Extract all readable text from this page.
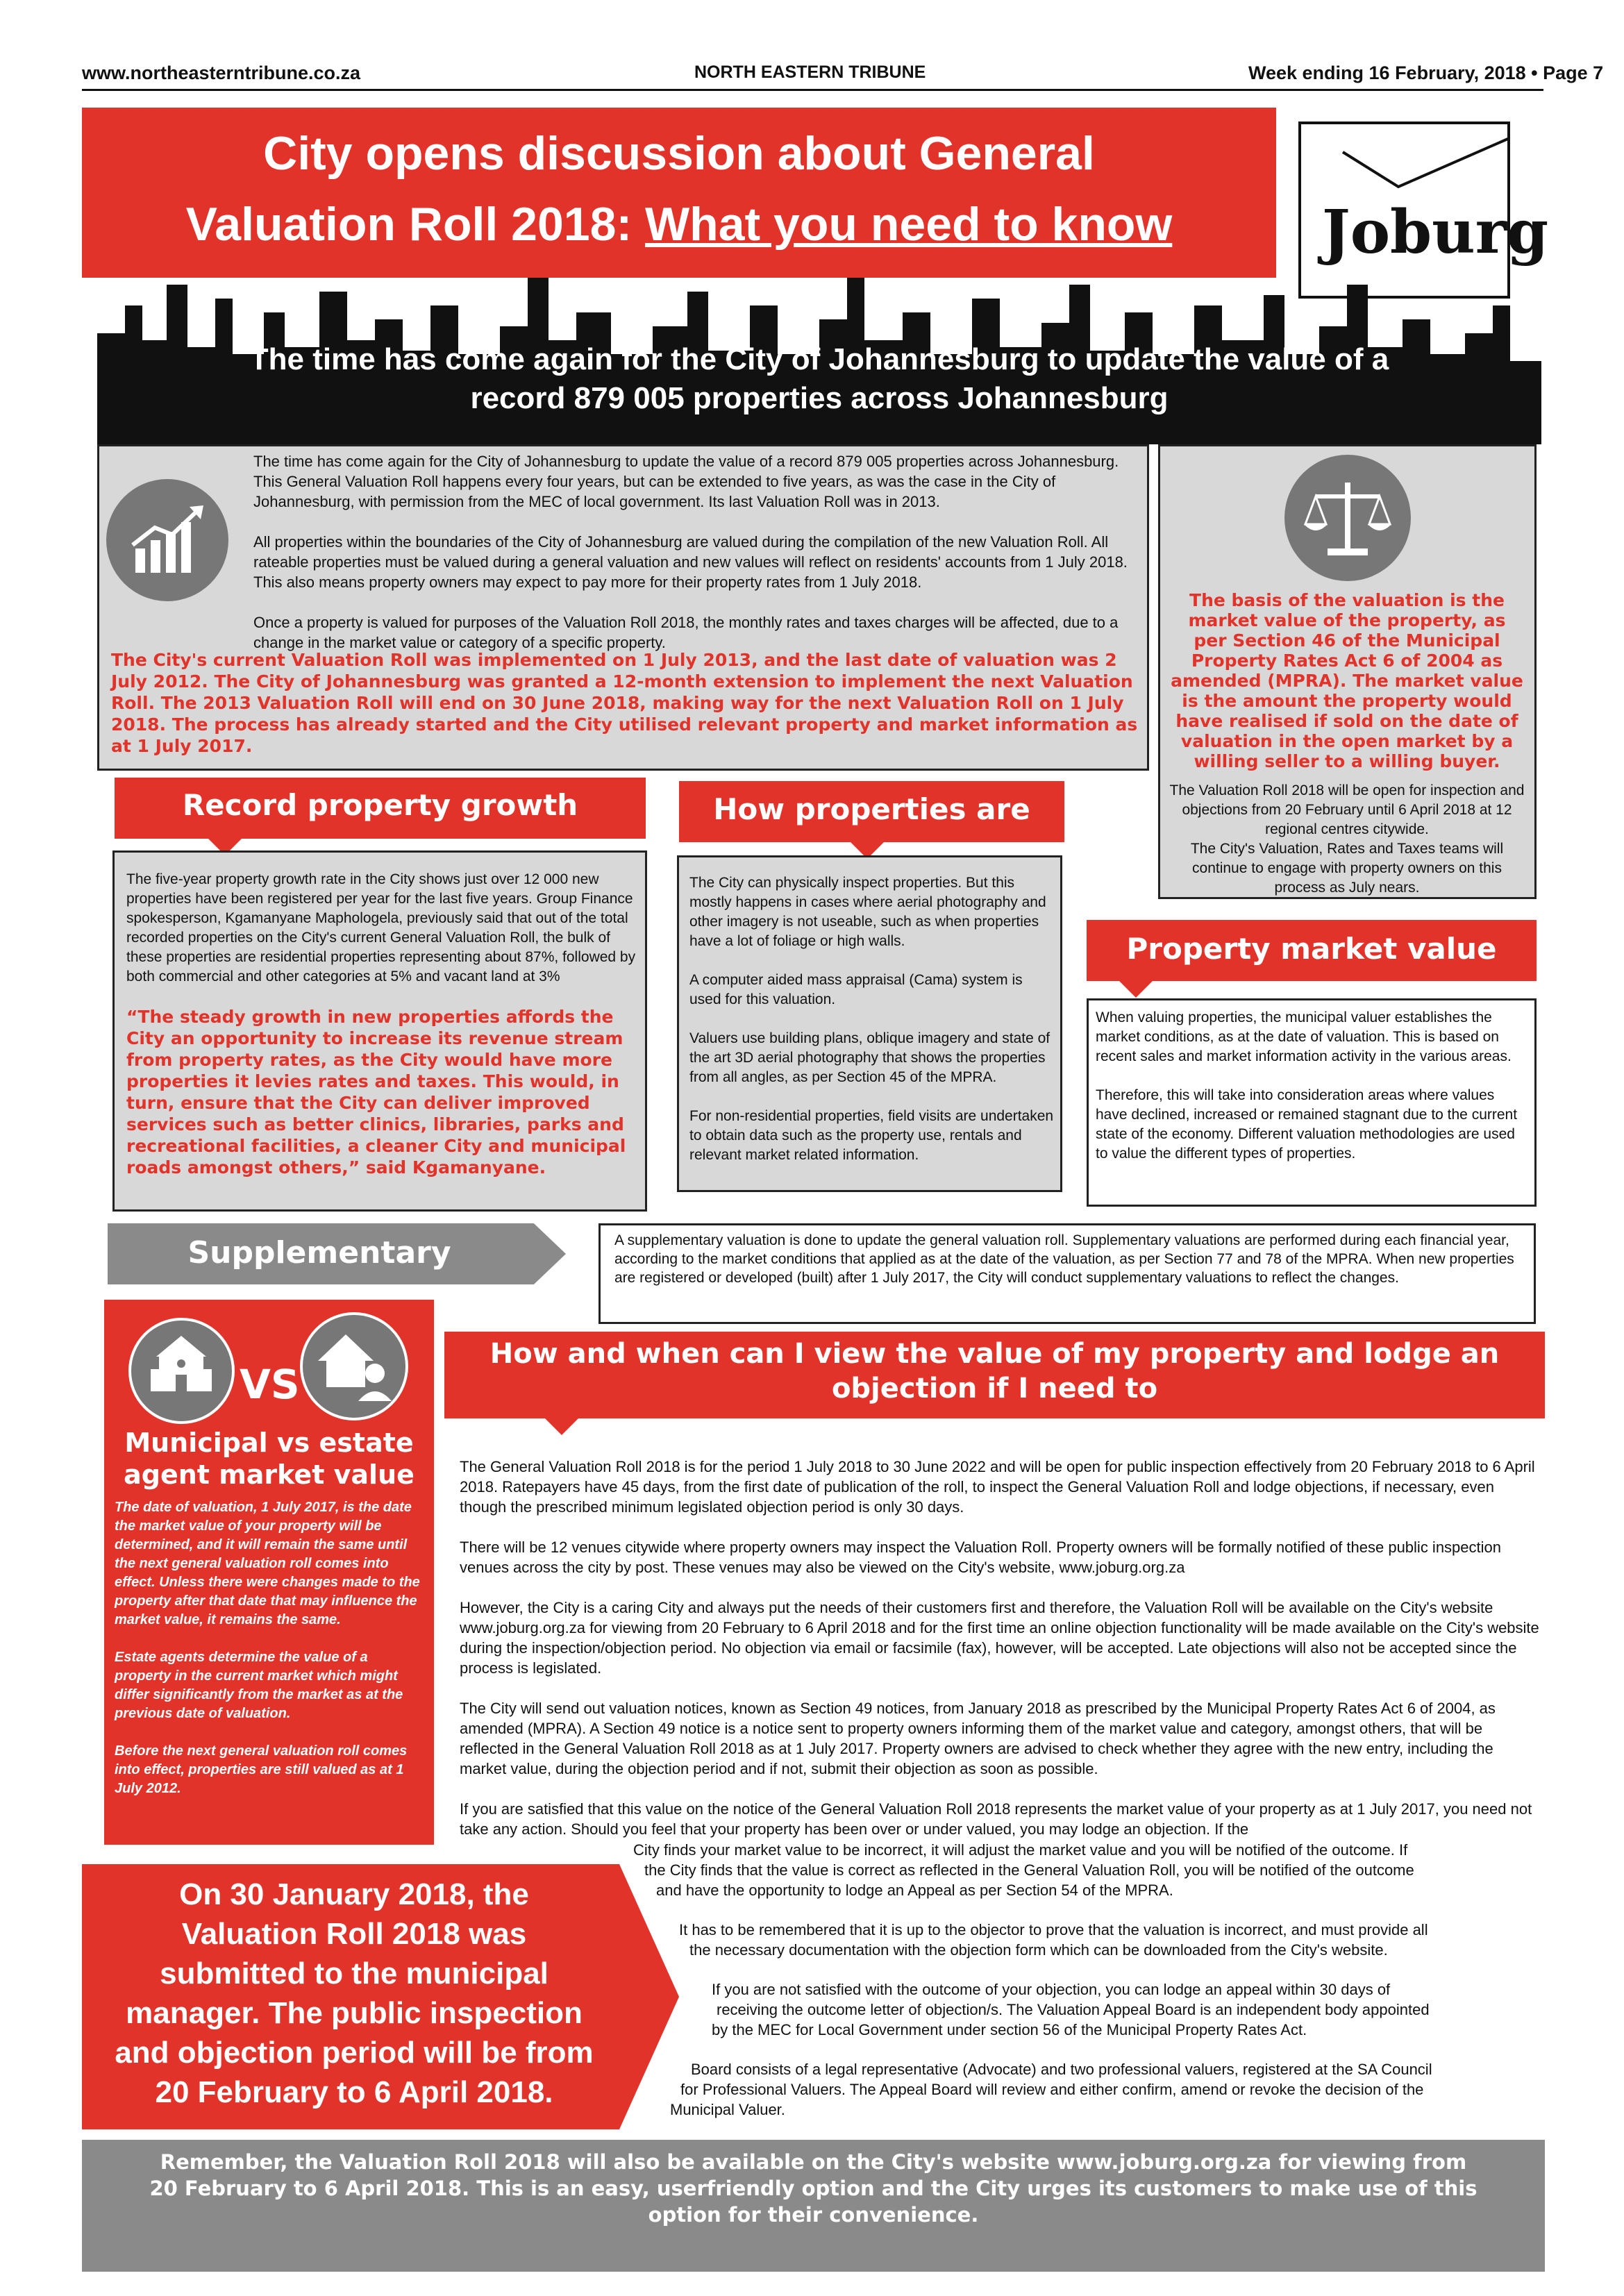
www.northeasterntribune.co.za	NORTH EASTERN TRIBUNE	Week ending 16 February, 2018 • Page 7
City opens discussion about General
Valuation Roll 2018: What you need to know	Joburg
The time has come again for the City of Johannesburg to update the value of a
record 879 005 properties across Johannesburg

The time has come again for the City of Johannesburg to update the value of a record 879 005 properties across Johannesburg. This General Valuation Roll happens every four years, but can be extended to five years, as was the case in the City of Johannesburg, with permission from the MEC of local government. Its last Valuation Roll was in 2013.

All properties within the boundaries of the City of Johannesburg are valued during the compilation of the new Valuation Roll. All rateable properties must be valued during a general valuation and new values will reflect on residents' accounts from 1 July 2018. This also means property owners may expect to pay more for their property rates from 1 July 2018.

Once a property is valued for purposes of the Valuation Roll 2018, the monthly rates and taxes charges will be affected, due to a change in the market value or category of a specific property.

The City's current Valuation Roll was implemented on 1 July 2013, and the last date of valuation was 2 July 2012. The City of Johannesburg was granted a 12-month extension to implement the next Valuation Roll. The 2013 Valuation Roll will end on 30 June 2018, making way for the next Valuation Roll on 1 July 2018. The process has already started and the City utilised relevant property and market information as at 1 July 2017.
The basis of the valuation is the market value of the property, as per Section 46 of the Municipal Property Rates Act 6 of 2004 as amended (MPRA). The market value is the amount the property would have realised if sold on the date of valuation in the open market by a willing seller to a willing buyer.
The Valuation Roll 2018 will be open for inspection and objections from 20 February until 6 April 2018 at 12 regional centres citywide.
The City's Valuation, Rates and Taxes teams will continue to engage with property owners on this process as July nears.
Record property growth
The five-year property growth rate in the City shows just over 12 000 new properties have been registered per year for the last five years. Group Finance spokesperson, Kgamanyane Maphologela, previously said that out of the total recorded properties on the City's current General Valuation Roll, the bulk of these properties are residential properties representing about 87%, followed by both commercial and other categories at 5% and vacant land at 3%
“The steady growth in new properties affords the City an opportunity to increase its revenue stream from property rates, as the City would have more properties it levies rates and taxes. This would, in turn, ensure that the City can deliver improved services such as better clinics, libraries, parks and recreational facilities, a cleaner City and municipal roads amongst others,” said Kgamanyane.
How properties are

The City can physically inspect properties. But this mostly happens in cases where aerial photography and other imagery is not useable, such as when properties have a lot of foliage or high walls.

A computer aided mass appraisal (Cama) system is used for this valuation.

Valuers use building plans, oblique imagery and state of the art 3D aerial photography that shows the properties from all angles, as per Section 45 of the MPRA.

For non-residential properties, field visits are undertaken to obtain data such as the property use, rentals and relevant market related information.

Property market value
When valuing properties, the municipal valuer establishes the market conditions, as at the date of valuation. This is based on recent sales and market information activity in the various areas.
Therefore, this will take into consideration areas where values have declined, increased or remained stagnant due to the current state of the economy. Different valuation methodologies are used to value the different types of properties.
Supplementary	A supplementary valuation is done to update the general valuation roll. Supplementary valuations are performed during each financial year, according to the market conditions that applied as at the date of the valuation, as per Section 77 and 78 of the MPRA. When new properties are registered or developed (built) after 1 July 2017, the City will conduct supplementary valuations to reflect the changes.
VS
Municipal vs estate
agent market value
The date of valuation, 1 July 2017, is the date the market value of your property will be determined, and it will remain the same until the next general valuation roll comes into effect. Unless there were changes made to the property after that date that may influence the market value, it remains the same.
Estate agents determine the value of a property in the current market which might differ significantly from the market as at the previous date of valuation.
Before the next general valuation roll comes into effect, properties are still valued as at 1 July 2012.
How and when can I view the value of my property and lodge an
objection if I need to
The General Valuation Roll 2018 is for the period 1 July 2018 to 30 June 2022 and will be open for public inspection effectively from 20 February 2018 to 6 April 2018. Ratepayers have 45 days, from the first date of publication of the roll, to inspect the General Valuation Roll and lodge objections, if necessary, even though the prescribed minimum legislated objection period is only 30 days.
There will be 12 venues citywide where property owners may inspect the Valuation Roll. Property owners will be formally notified of these public inspection venues across the city by post. These venues may also be viewed on the City's website, www.joburg.org.za
However, the City is a caring City and always put the needs of their customers first and therefore, the Valuation Roll will be available on the City's website www.joburg.org.za for viewing from 20 February to 6 April 2018 and for the first time an online objection functionality will be made available on the City's website during the inspection/objection period. No objection via email or facsimile (fax), however, will be accepted. Late objections will also not be accepted since the process is legislated.
The City will send out valuation notices, known as Section 49 notices, from January 2018 as prescribed by the Municipal Property Rates Act 6 of 2004, as amended (MPRA). A Section 49 notice is a notice sent to property owners informing them of the market value and category, amongst others, that will be reflected in the General Valuation Roll 2018 as at 1 July 2017. Property owners are advised to check whether they agree with the new entry, including the market value, during the objection period and if not, submit their objection as soon as possible.
If you are satisfied that this value on the notice of the General Valuation Roll 2018 represents the market value of your property as at 1 July 2017, you need not take any action. Should you feel that your property has been over or under valued, you may lodge an objection. If the
City finds your market value to be incorrect, it will adjust the market value and you will be notified of the outcome. If
the City finds that the value is correct as reflected in the General Valuation Roll, you will be notified of the outcome
and have the opportunity to lodge an Appeal as per Section 54 of the MPRA.
It has to be remembered that it is up to the objector to prove that the valuation is incorrect, and must provide all
the necessary documentation with the objection form which can be downloaded from the City's website.
If you are not satisfied with the outcome of your objection, you can lodge an appeal within 30 days of
receiving the outcome letter of objection/s. The Valuation Appeal Board is an independent body appointed
by the MEC for Local Government under section 56 of the Municipal Property Rates Act.
Board consists of a legal representative (Advocate) and two professional valuers, registered at the SA Council
for Professional Valuers. The Appeal Board will review and either confirm, amend or revoke the decision of the
Municipal Valuer.
On 30 January 2018, the
Valuation Roll 2018 was
submitted to the municipal
manager. The public inspection
and objection period will be from
20 February to 6 April 2018.
Remember, the Valuation Roll 2018 will also be available on the City's website www.joburg.org.za for viewing from
20 February to 6 April 2018. This is an easy, userfriendly option and the City urges its customers to make use of this
option for their convenience.
